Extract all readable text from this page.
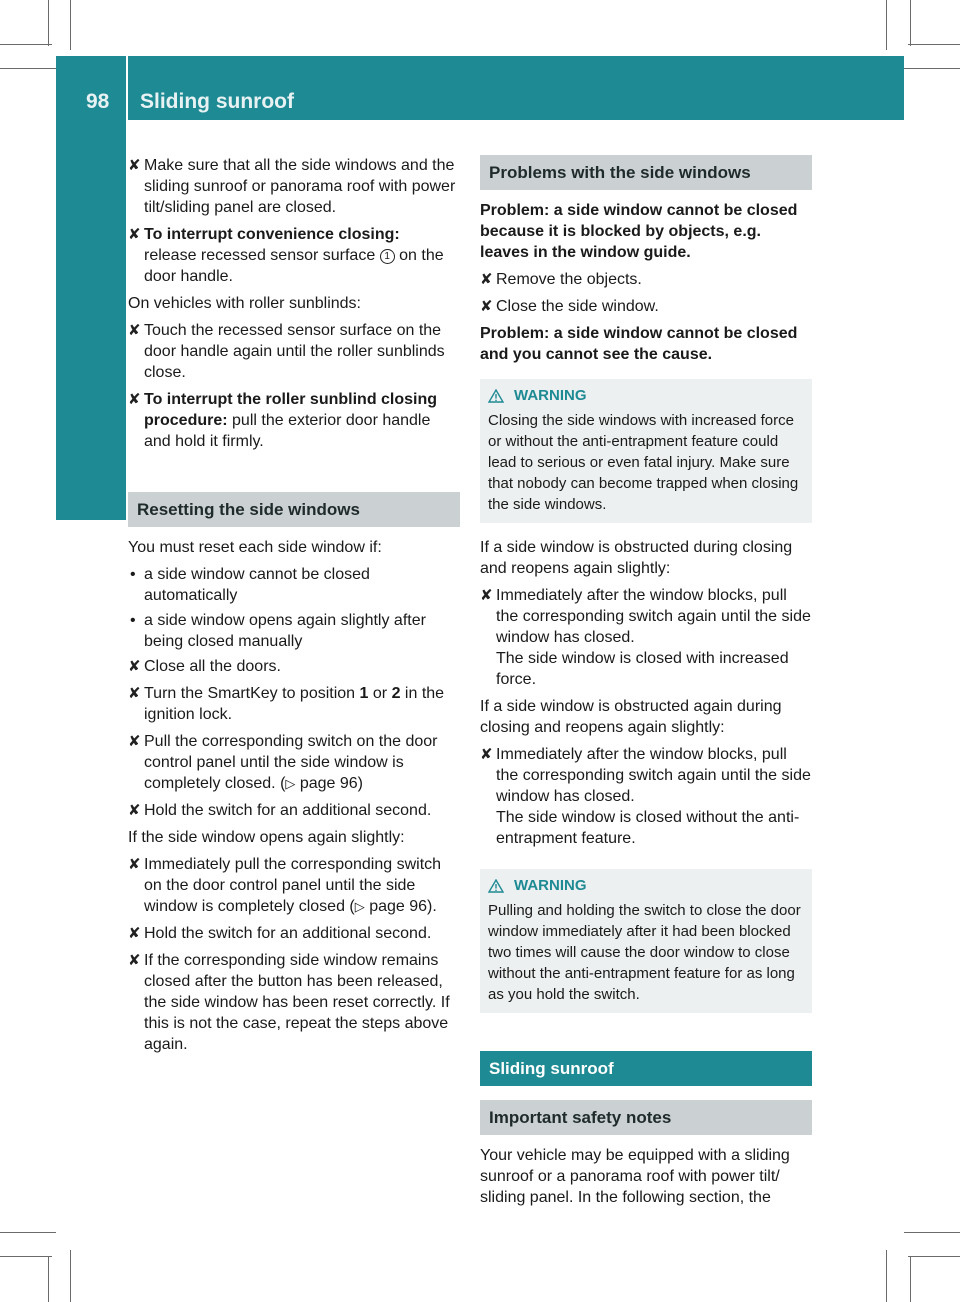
98 Sliding sunroof
Opening/closing
✘ Make sure that all the side windows and the sliding sunroof or panorama roof with power tilt/sliding panel are closed.
✘ To interrupt convenience closing:
release recessed sensor surface 1 on the door handle.

On vehicles with roller sunblinds:

✘ Touch the recessed sensor surface on the door handle again until the roller sunblinds close.
✘ To interrupt the roller sunblind closing procedure: pull the exterior door handle and hold it firmly.
Resetting the side windows

You must reset each side window if:

• a side window cannot be closed automatically
• a side window opens again slightly after being closed manually
✘ Close all the doors.
✘ Turn the SmartKey to position 1 or 2 in the ignition lock.
✘ Pull the corresponding switch on the door control panel until the side window is completely closed. (▷ page 96)
✘ Hold the switch for an additional second.

If the side window opens again slightly:

✘ Immediately pull the corresponding switch on the door control panel until the side window is completely closed (▷ page 96).
✘ Hold the switch for an additional second.
✘ If the corresponding side window remains closed after the button has been released, the side window has been reset correctly. If this is not the case, repeat the steps above again.
Problems with the side windows

Problem: a side window cannot be closed because it is blocked by objects, e.g. leaves in the window guide.

✘ Remove the objects.
✘ Close the side window.

Problem: a side window cannot be closed and you cannot see the cause.

WARNING
Closing the side windows with increased force or without the anti-entrapment feature could lead to serious or even fatal injury. Make sure that nobody can become trapped when closing the side windows.

If a side window is obstructed during closing and reopens again slightly:

✘ Immediately after the window blocks, pull the corresponding switch again until the side window has closed.
The side window is closed with increased force.

If a side window is obstructed again during closing and reopens again slightly:

✘ Immediately after the window blocks, pull the corresponding switch again until the side window has closed.
The side window is closed without the anti-entrapment feature.
WARNING
Pulling and holding the switch to close the door window immediately after it had been blocked two times will cause the door window to close without the anti-entrapment feature for as long as you hold the switch.
Sliding sunroof
Important safety notes

Your vehicle may be equipped with a sliding sunroof or a panorama roof with power tilt/ sliding panel. In the following section, the
